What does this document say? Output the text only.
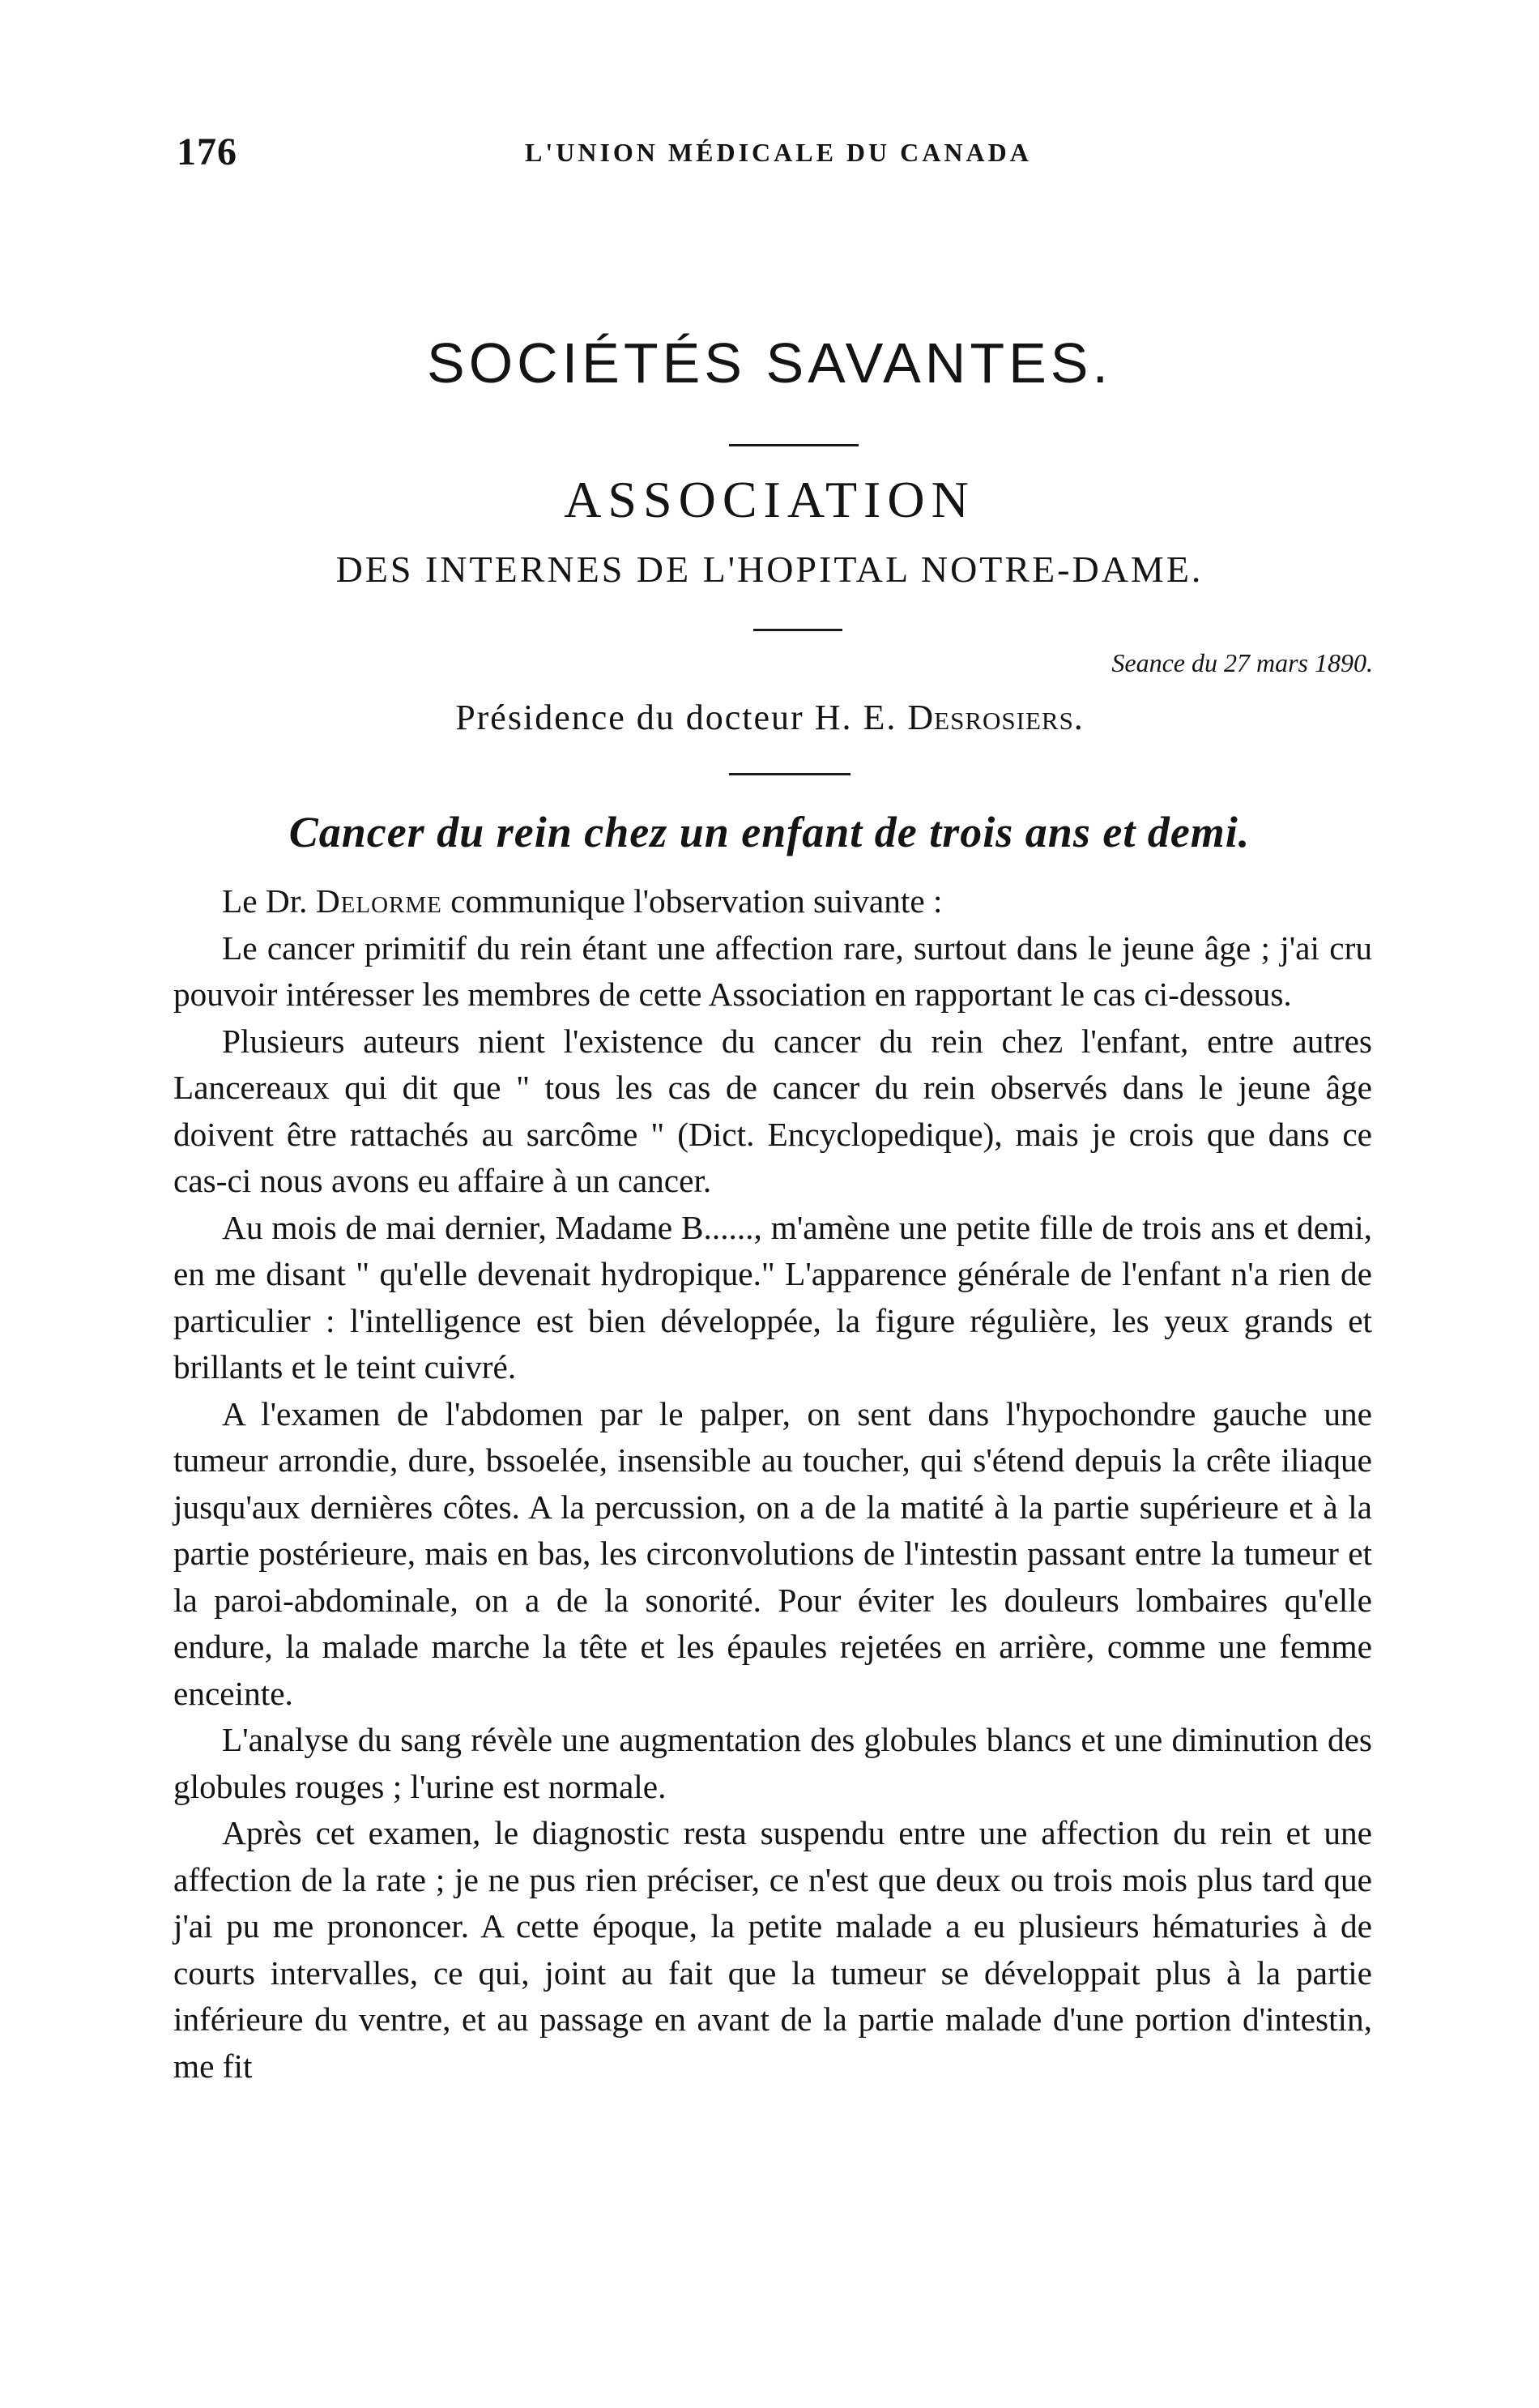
176	L'UNION MÉDICALE DU CANADA
SOCIÉTÉS SAVANTES.
ASSOCIATION
DES INTERNES DE L'HOPITAL NOTRE-DAME.
Seance du 27 mars 1890.
Présidence du docteur H. E. Desrosiers.
Cancer du rein chez un enfant de trois ans et demi.

Le Dr. Delorme communique l'observation suivante :

Le cancer primitif du rein étant une affection rare, surtout dans le jeune âge ; j'ai cru pouvoir intéresser les membres de cette Association en rapportant le cas ci-dessous.

Plusieurs auteurs nient l'existence du cancer du rein chez l'enfant, entre autres Lancereaux qui dit que " tous les cas de cancer du rein observés dans le jeune âge doivent être rattachés au sarcôme " (Dict. Encyclopedique), mais je crois que dans ce cas-ci nous avons eu affaire à un cancer.

Au mois de mai dernier, Madame B......, m'amène une petite fille de trois ans et demi, en me disant " qu'elle devenait hydropique." L'apparence générale de l'enfant n'a rien de particulier : l'intelligence est bien développée, la figure régulière, les yeux grands et brillants et le teint cuivré.

A l'examen de l'abdomen par le palper, on sent dans l'hypochondre gauche une tumeur arrondie, dure, bssoelée, insensible au toucher, qui s'étend depuis la crête iliaque jusqu'aux dernières côtes. A la percussion, on a de la matité à la partie supérieure et à la partie postérieure, mais en bas, les circonvolutions de l'intestin passant entre la tumeur et la paroi-abdominale, on a de la sonorité. Pour éviter les douleurs lombaires qu'elle endure, la malade marche la tête et les épaules rejetées en arrière, comme une femme enceinte.

L'analyse du sang révèle une augmentation des globules blancs et une diminution des globules rouges ; l'urine est normale.

Après cet examen, le diagnostic resta suspendu entre une affection du rein et une affection de la rate ; je ne pus rien préciser, ce n'est que deux ou trois mois plus tard que j'ai pu me prononcer. A cette époque, la petite malade a eu plusieurs hématuries à de courts intervalles, ce qui, joint au fait que la tumeur se développait plus à la partie inférieure du ventre, et au passage en avant de la partie malade d'une portion d'intestin, me fit
